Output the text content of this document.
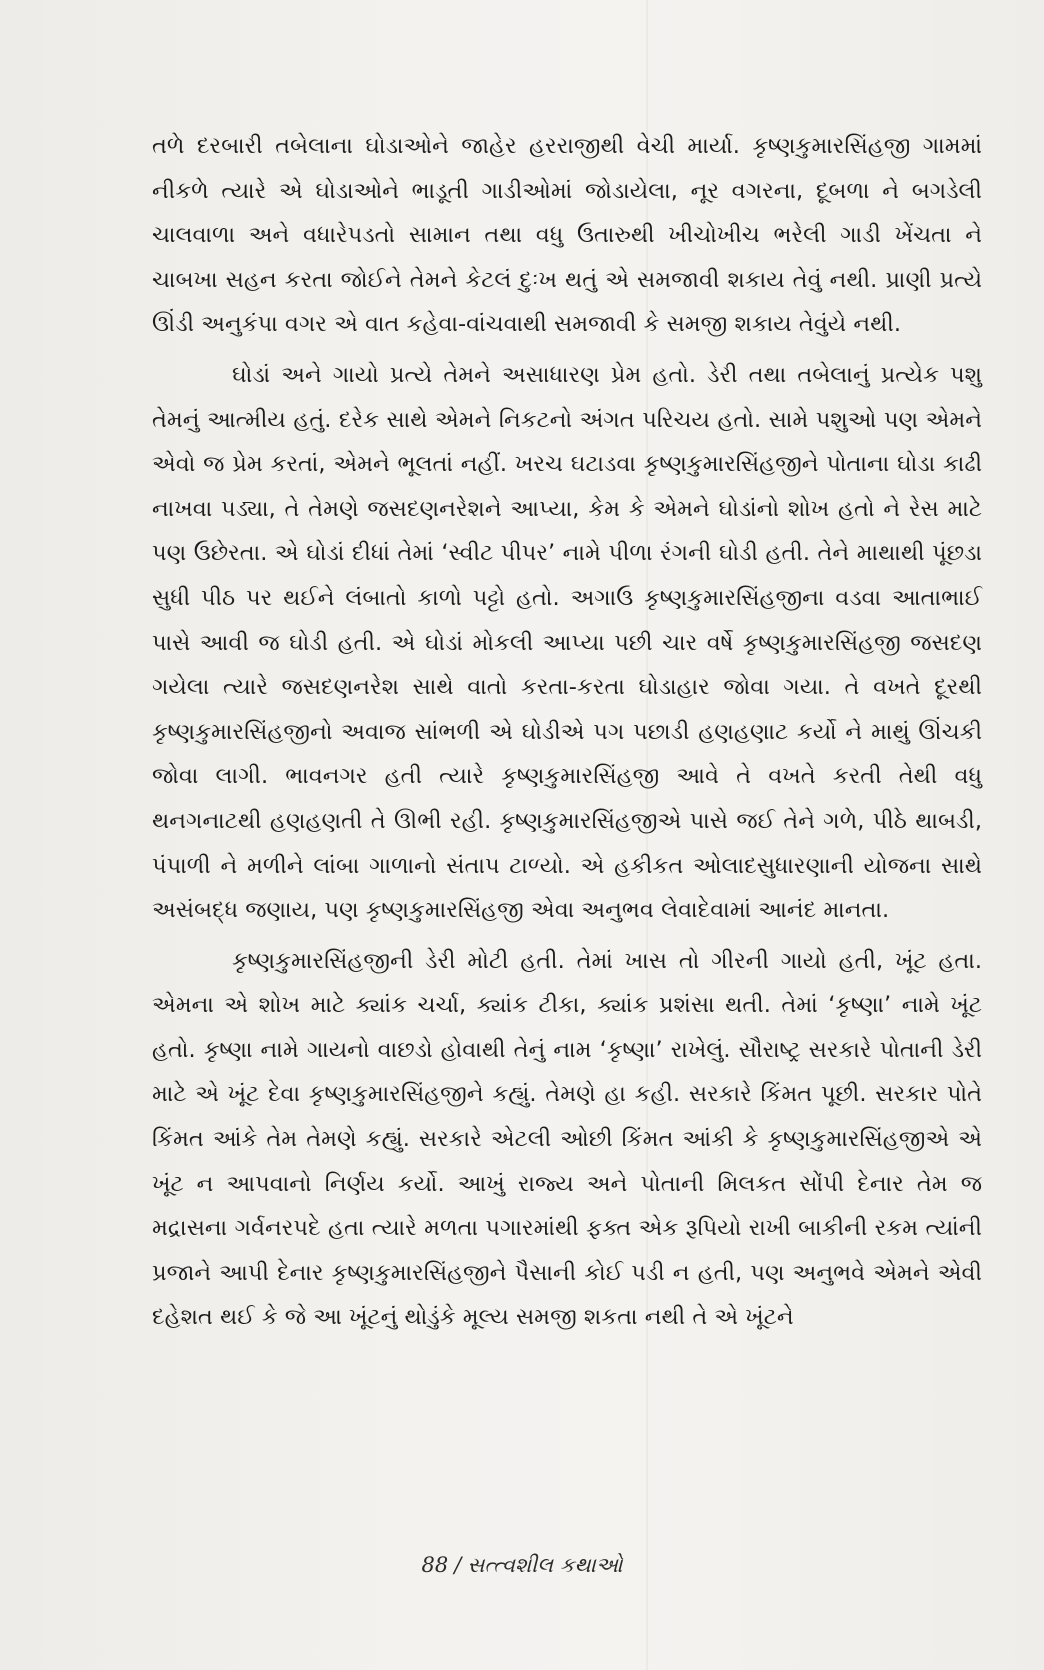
તળે દરબારી તબેલાના ઘોડાઓને જાહેર હરરાજીથી વેચી માર્યા. કૃષ્ણકુમારસિંહજી ગામમાં નીકળે ત્યારે એ ઘોડાઓને ભાડૂતી ગાડીઓમાં જોડાયેલા, નૂર વગરના, દૂબળા ને બગડેલી ચાલવાળા અને વધારેપડતો સામાન તથા વધુ ઉતારુથી ખીચોખીચ ભરેલી ગાડી ખેંચતા ને ચાબખા સહન કરતા જોઈને તેમને કેટલં દુઃખ થતું એ સમજાવી શકાય તેવું નથી. પ્રાણી પ્રત્યે ઊંડી અનુકંપા વગર એ વાત કહેવા-વાંચવાથી સમજાવી કે સમજી શકાય તેવુંયે નથી.

ઘોડાં અને ગાયો પ્રત્યે તેમને અસાધારણ પ્રેમ હતો. ડેરી તથા તબેલાનું પ્રત્યેક પશુ તેમનું આત્મીય હતું. દરેક સાથે એમને નિકટનો અંગત પરિચય હતો. સામે પશુઓ પણ એમને એવો જ પ્રેમ કરતાં, એમને ભૂલતાં નહીં. ખરચ ઘટાડવા કૃષ્ણકુમારસિંહજીને પોતાના ઘોડા કાઢી નાખવા પડ્યા, તે તેમણે જસદણનરેશને આપ્યા, કેમ કે એમને ઘોડાંનો શોખ હતો ને રેસ માટે પણ ઉછેરતા. એ ઘોડાં દીધાં તેમાં ‘સ્વીટ પીપર’ નામે પીળા રંગની ઘોડી હતી. તેને માથાથી પૂંછડા સુધી પીઠ પર થઈને લંબાતો કાળો પટ્ટો હતો. અગાઉ કૃષ્ણકુમારસિંહજીના વડવા આતાભાઈ પાસે આવી જ ઘોડી હતી. એ ઘોડાં મોકલી આપ્યા પછી ચાર વર્ષે કૃષ્ણકુમારસિંહજી જસદણ ગયેલા ત્યારે જસદણનરેશ સાથે વાતો કરતા-કરતા ઘોડાહાર જોવા ગયા. તે વખતે દૂરથી કૃષ્ણકુમારસિંહજીનો અવાજ સાંભળી એ ઘોડીએ પગ પછાડી હણહણાટ કર્યો ને માથું ઊંચકી જોવા લાગી. ભાવનગર હતી ત્યારે કૃષ્ણકુમારસિંહજી આવે તે વખતે કરતી તેથી વધુ થનગનાટથી હણહણતી તે ઊભી રહી. કૃષ્ણકુમારસિંહજીએ પાસે જઈ તેને ગળે, પીઠે થાબડી, પંપાળી ને મળીને લાંબા ગાળાનો સંતાપ ટાળ્યો. એ હકીકત ઓલાદસુધારણાની યોજના સાથે અસંબદ્ધ જણાય, પણ કૃષ્ણકુમારસિંહજી એવા અનુભવ લેવાદેવામાં આનંદ માનતા.

કૃષ્ણકુમારસિંહજીની ડેરી મોટી હતી. તેમાં ખાસ તો ગીરની ગાયો હતી, ખૂંટ હતા. એમના એ શોખ માટે ક્યાંક ચર્ચા, ક્યાંક ટીકા, ક્યાંક પ્રશંસા થતી. તેમાં ‘કૃષ્ણા’ નામે ખૂંટ હતો. કૃષ્ણા નામે ગાયનો વાછડો હોવાથી તેનું નામ ‘કૃષ્ણા’ રાખેલું. સૌરાષ્ટ્ર સરકારે પોતાની ડેરી માટે એ ખૂંટ દેવા કૃષ્ણકુમારસિંહજીને કહ્યું. તેમણે હા કહી. સરકારે કિંમત પૂછી. સરકાર પોતે કિંમત આંકે તેમ તેમણે કહ્યું. સરકારે એટલી ઓછી કિંમત આંકી કે કૃષ્ણકુમારસિંહજીએ એ ખૂંટ ન આપવાનો નિર્ણય કર્યો. આખું રાજ્ય અને પોતાની મિલકત સોંપી દેનાર તેમ જ મદ્રાસના ગર્વનરપદે હતા ત્યારે મળતા પગારમાંથી ફક્ત એક રૂપિયો રાખી બાકીની રકમ ત્યાંની પ્રજાને આપી દેનાર કૃષ્ણકુમારસિંહજીને પૈસાની કોઈ પડી ન હતી, પણ અનુભવે એમને એવી દહેશત થઈ કે જે આ ખૂંટનું થોડુંકે મૂલ્ય સમજી શકતા નથી તે એ ખૂંટને

88 / સત્ત્વશીલ કથાઓ
